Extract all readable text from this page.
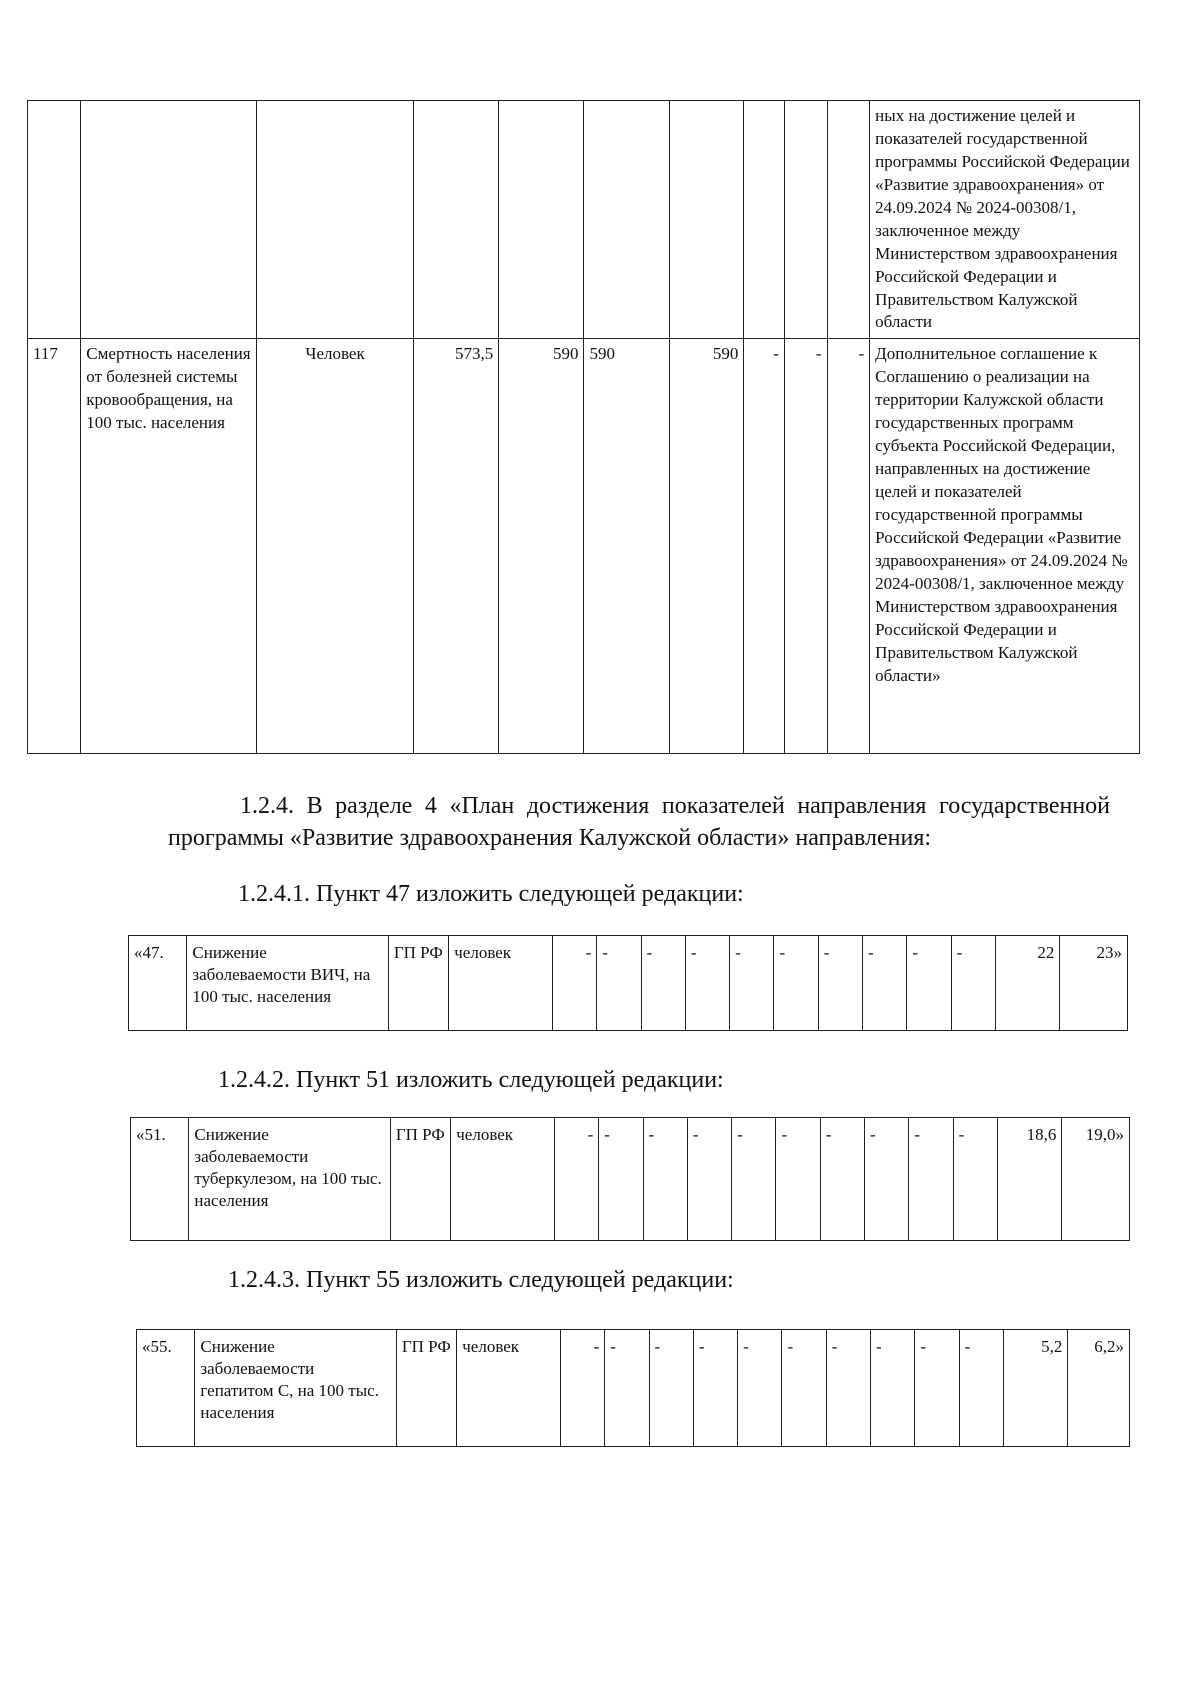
										ных на достижение целей и показателей государственной программы Российской Федерации «Развитие здравоохранения» от 24.09.2024 № 2024-00308/1, заключенное между Министерством здравоохранения Российской Федерации и Правительством Калужской области
117	Смертность населения от болезней системы кровообращения, на 100 тыс. населения	Человек	573,5	590	590	590	-	-	-	Дополнительное соглашение к Соглашению о реализации на территории Калужской области государственных программ субъекта Российской Федерации, направленных на достижение целей и показателей государственной программы Российской Федерации «Развитие здравоохранения» от 24.09.2024 № 2024-00308/1, заключенное между Министерством здравоохранения Российской Федерации и Правительством Калужской области»

1.2.4. В разделе 4 «План достижения показателей направления государственной программы «Развитие здравоохранения Калужской области» направления:

1.2.4.1. Пункт 47 изложить следующей редакции:
«47.	Снижение заболеваемости ВИЧ, на 100 тыс. населения	ГП РФ	человек	-	-	-	-	-	-	-	-	-	-	22	23»
1.2.4.2. Пункт 51 изложить следующей редакции:
«51.	Снижение заболеваемости туберкулезом, на 100 тыс. населения	ГП РФ	человек	-	-	-	-	-	-	-	-	-	-	18,6	19,0»
1.2.4.3. Пункт 55 изложить следующей редакции:
«55.	Снижение заболеваемости гепатитом С, на 100 тыс. населения	ГП РФ	человек	-	-	-	-	-	-	-	-	-	-	5,2	6,2»
